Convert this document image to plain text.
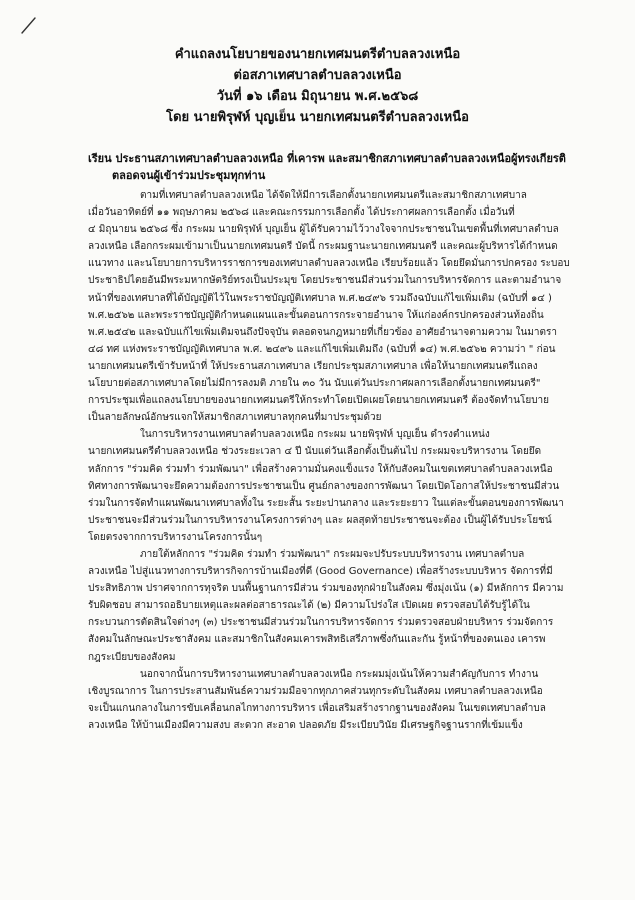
คำแถลงนโยบายของนายกเทศมนตรีตำบลลวงเหนือ
ต่อสภาเทศบาลตำบลลวงเหนือ
วันที่ ๑๖ เดือน มิถุนายน พ.ศ.๒๕๖๘
โดย นายพิรุฬห์ บุญเย็น นายกเทศมนตรีตำบลลวงเหนือ
เรียน ประธานสภาเทศบาลตำบลลวงเหนือ ที่เคารพ และสมาชิกสภาเทศบาลตำบลลวงเหนือผู้ทรงเกียรติ
ตลอดจนผู้เข้าร่วมประชุมทุกท่าน
ตามที่เทศบาลตำบลลวงเหนือ ได้จัดให้มีการเลือกตั้งนายกเทศมนตรีและสมาชิกสภาเทศบาล
เมื่อวันอาทิตย์ที่ ๑๑ พฤษภาคม ๒๕๖๘ และคณะกรรมการเลือกตั้ง ได้ประกาศผลการเลือกตั้ง เมื่อวันที่
๔ มิถุนายน ๒๕๖๘ ซึ่ง กระผม นายพิรุฬห์ บุญเย็น ผู้ได้รับความไว้วางใจจากประชาชนในเขตพื้นที่เทศบาลตำบล
ลวงเหนือ เลือกกระผมเข้ามาเป็นนายกเทศมนตรี บัดนี้ กระผมฐานะนายกเทศมนตรี และคณะผู้บริหารได้กำหนด
แนวทาง และนโยบายการบริหารราชการของเทศบาลตำบลลวงเหนือ เรียบร้อยแล้ว โดยยึดมั่นการปกครอง ระบอบ
ประชาธิปไตยอันมีพระมหากษัตริย์ทรงเป็นประมุข โดยประชาชนมีส่วนร่วมในการบริหารจัดการ และตามอำนาจ
หน้าที่ของเทศบาลที่ได้บัญญัติไว้ในพระราชบัญญัติเทศบาล พ.ศ.๒๔๙๖ รวมถึงฉบับแก้ไขเพิ่มเติม (ฉบับที่ ๑๔ )
พ.ศ.๒๕๖๒ และพระราชบัญญัติกำหนดแผนและขั้นตอนการกระจายอำนาจ ให้แก่องค์กรปกครองส่วนท้องถิ่น
พ.ศ.๒๕๔๒ และฉบับแก้ไขเพิ่มเติมจนถึงปัจจุบัน ตลอดจนกฎหมายที่เกี่ยวข้อง อาศัยอำนาจตามความ ในมาตรา
๔๘ ทศ แห่งพระราชบัญญัติเทศบาล พ.ศ. ๒๔๙๖ และแก้ไขเพิ่มเติมถึง (ฉบับที่ ๑๔) พ.ศ.๒๕๖๒ ความว่า " ก่อน
นายกเทศมนตรีเข้ารับหน้าที่ ให้ประธานสภาเทศบาล เรียกประชุมสภาเทศบาล เพื่อให้นายกเทศมนตรีแถลง
นโยบายต่อสภาเทศบาลโดยไม่มีการลงมติ ภายใน ๓๐ วัน นับแต่วันประกาศผลการเลือกตั้งนายกเทศมนตรี"
การประชุมเพื่อแถลงนโยบายของนายกเทศมนตรีให้กระทำโดยเปิดเผยโดยนายกเทศมนตรี ต้องจัดทำนโยบาย
เป็นลายลักษณ์อักษรแจกให้สมาชิกสภาเทศบาลทุกคนที่มาประชุมด้วย
ในการบริหารงานเทศบาลตำบลลวงเหนือ กระผม นายพิรุฬห์ บุญเย็น ดำรงตำแหน่ง
นายกเทศมนตรีตำบลลวงเหนือ ช่วงระยะเวลา ๔ ปี นับแต่วันเลือกตั้งเป็นต้นไป กระผมจะบริหารงาน โดยยึด
หลักการ "ร่วมคิด ร่วมทำ ร่วมพัฒนา" เพื่อสร้างความมั่นคงแข็งแรง ให้กับสังคมในเขตเทศบาลตำบลลวงเหนือ
ทิศทางการพัฒนาจะยึดความต้องการประชาชนเป็น ศูนย์กลางของการพัฒนา โดยเปิดโอกาสให้ประชาชนมีส่วน
ร่วมในการจัดทำแผนพัฒนาเทศบาลทั้งใน ระยะสั้น ระยะปานกลาง และระยะยาว ในแต่ละขั้นตอนของการพัฒนา
ประชาชนจะมีส่วนร่วมในการบริหารงานโครงการต่างๆ และ ผลสุดท้ายประชาชนจะต้อง เป็นผู้ได้รับประโยชน์
โดยตรงจากการบริหารงานโครงการนั้นๆ
ภายใต้หลักการ "ร่วมคิด ร่วมทำ ร่วมพัฒนา" กระผมจะปรับระบบบริหารงาน เทศบาลตำบล
ลวงเหนือ ไปสู่แนวทางการบริหารกิจการบ้านเมืองที่ดี (Good Governance) เพื่อสร้างระบบบริหาร จัดการที่มี
ประสิทธิภาพ ปราศจากการทุจริต บนพื้นฐานการมีส่วน ร่วมของทุกฝ่ายในสังคม ซึ่งมุ่งเน้น (๑) มีหลักการ มีความ
รับผิดชอบ สามารถอธิบายเหตุและผลต่อสาธารณะได้ (๒) มีความโปร่งใส เปิดเผย ตรวจสอบได้รับรู้ได้ใน
กระบวนการตัดสินใจต่างๆ (๓) ประชาชนมีส่วนร่วมในการบริหารจัดการ ร่วมตรวจสอบฝ่ายบริหาร ร่วมจัดการ
สังคมในลักษณะประชาสังคม และสมาชิกในสังคมเคารพสิทธิเสรีภาพซึ่งกันและกัน รู้หน้าที่ของตนเอง เคารพ
กฎระเบียบของสังคม
นอกจากนั้นการบริหารงานเทศบาลตำบลลวงเหนือ กระผมมุ่งเน้นให้ความสำคัญกับการ ทำงาน
เชิงบูรณาการ ในการประสานสัมพันธ์ความร่วมมือจากทุกภาคส่วนทุกระดับในสังคม เทศบาลตำบลลวงเหนือ
จะเป็นแกนกลางในการขับเคลื่อนกลไกทางการบริหาร เพื่อเสริมสร้างรากฐานของสังคม ในเขตเทศบาลตำบล
ลวงเหนือ ให้บ้านเมืองมีความสงบ สะดวก สะอาด ปลอดภัย มีระเบียบวินัย มีเศรษฐกิจฐานรากที่เข้มแข็ง
